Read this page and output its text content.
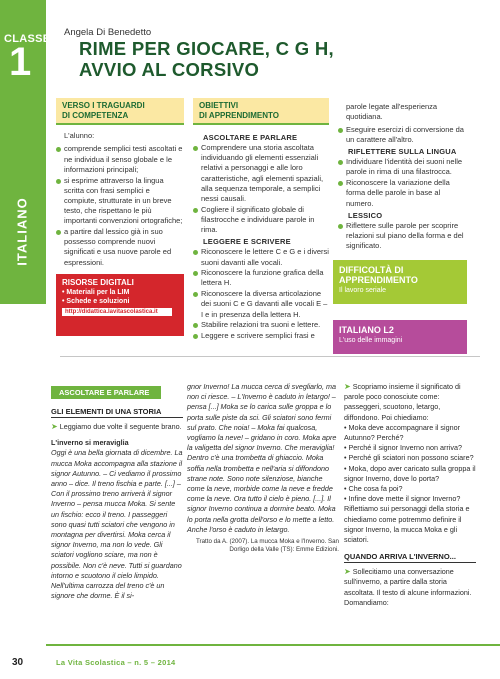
CLASSE
1
ITALIANO
Angela Di Benedetto
RIME PER GIOCARE, C G H,
AVVIO AL CORSIVO
VERSO I TRAGUARDI
DI COMPETENZA
L'alunno:
comprende semplici testi ascoltati e ne individua il senso globale e le informazioni principali;
si esprime attraverso la lingua scritta con frasi semplici e compiute, strutturate in un breve testo, che rispettano le più importanti convenzioni ortografiche;
a partire dal lessico già in suo possesso comprende nuovi significati e usa nuove parole ed espressioni.
RISORSE DIGITALI
• Materiali per la LIM
• Schede e soluzioni
http://didattica.lavitascolastica.it
OBIETTIVI
DI APPRENDIMENTO
ASCOLTARE E PARLARE
Comprendere una storia ascoltata individuando gli elementi essenziali relativi a personaggi e alle loro caratteristiche, agli elementi spaziali, alla sequenza temporale, a semplici nessi causali.
Cogliere il significato globale di filastrocche e individuare parole in rima.
LEGGERE E SCRIVERE
Riconoscere le lettere C e G e i diversi suoni davanti alle vocali.
Riconoscere la funzione grafica della lettera H.
Riconoscere la diversa articolazione dei suoni C e G davanti alle vocali E – I e in presenza della lettera H.
Stabilire relazioni tra suoni e lettere.
Leggere e scrivere semplici frasi e
parole legate all'esperienza quotidiana.
Eseguire esercizi di conversione da un carattere all'altro.
RIFLETTERE SULLA LINGUA
Individuare l'identità dei suoni nelle parole in rima di una filastrocca.
Riconoscere la variazione della forma delle parole in base al numero.
LESSICO
Riflettere sulle parole per scoprire relazioni sul piano della forma e del significato.
DIFFICOLTÀ DI
APPRENDIMENTO
Il lavoro seriale
ITALIANO L2
L'uso delle immagini
ASCOLTARE E PARLARE
GLI ELEMENTI DI UNA STORIA
➤ Leggiamo due volte il seguente brano.
L'inverno si meraviglia
Oggi è una bella giornata di dicembre. La mucca Moka accompagna alla stazione il signor Autunno. – Ci vediamo il prossimo anno – dice. Il treno fischia e parte. [...] – Con il prossimo treno arriverà il signor Inverno – pensa mucca Moka. Si sente un fischio: ecco il treno. I passeggeri sono quasi tutti sciatori che vengono in montagna per divertirsi. Moka cerca il signor Inverno, ma non lo vede. Gli sciatori vogliono sciare, ma non è possibile. Non c'è neve. Tutti si guardano intorno e scuotono il cielo limpido. Nell'ultima carrozza del treno c'è un signore che dorme. È il si-
gnor Inverno! La mucca cerca di svegliarlo, ma non ci riesce. – L'Inverno è caduto in letargo! – pensa [...] Moka se lo carica sulle groppa e lo porta sulle piste da sci. Gli sciatori sono fermi sul prato. Che noia! – Moka fai qualcosa, vogliamo la neve! – gridano in coro. Moka apre la valigetta del signor Inverno. Che meraviglia! Dentro c'è una trombetta di ghiaccio. Moka soffia nella trombetta e nell'aria si diffondono strane note. Sono note silenziose, bianche come la neve, morbide come la neve e fredde come la neve. Ora tutto il cielo è pieno. [...]. Il signor Inverno continua a dormire beato. Moka lo porta nella grotta dell'orso e lo mette a letto. Anche l'orso è caduto in letargo.
Tratto da A. (2007). La mucca Moka e l'Inverno. San
Dorligo della Valle (TS): Emme Edizioni.
➤ Scopriamo insieme il significato di parole poco conosciute come: passeggeri, scuotono, letargo, diffondono. Poi chiediamo:
• Moka deve accompagnare il signor Autunno? Perché?
• Perché il signor Inverno non arriva?
• Perché gli sciatori non possono sciare?
• Moka, dopo aver caricato sulla groppa il signor Inverno, dove lo porta?
• Che cosa fa poi?
• Infine dove mette il signor Inverno?
Riflettiamo sui personaggi della storia e chiediamo come potremmo definire il signor Inverno, la mucca Moka e gli sciatori.
QUANDO ARRIVA L'INVERNO...
➤ Sollecitiamo una conversazione sull'inverno, a partire dalla storia ascoltata. Il testo di alcune informazioni. Domandiamo:
30	La Vita Scolastica – n. 5 – 2014
